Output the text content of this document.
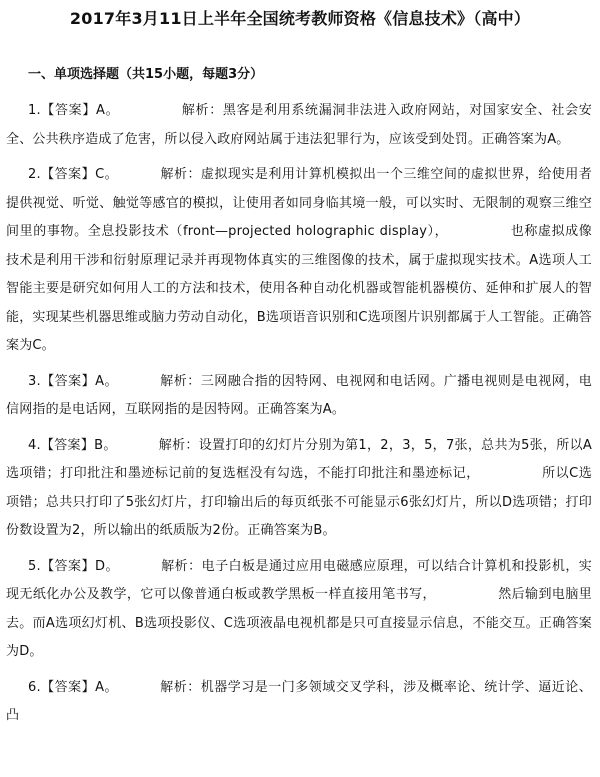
2017年3月11日上半年全国统考教师资格《信息技术》（高中）
一、单项选择题（共15小题，每题3分）

1.【答案】A。	解析：黑客是利用系统漏洞非法进入政府网站，对国家安全、社会安全、公共秩序造成了危害，所以侵入政府网站属于违法犯罪行为，应该受到处罚。正确答案为A。

2.【答案】C。	解析：虚拟现实是利用计算机模拟出一个三维空间的虚拟世界，给使用者提供视觉、听觉、触觉等感官的模拟，让使用者如同身临其境一般，可以实时、无限制的观察三维空间里的事物。全息投影技术（front—projected holographic display），	也称虚拟成像技术是利用干涉和衍射原理记录并再现物体真实的三维图像的技术，属于虚拟现实技术。A选项人工智能主要是研究如何用人工的方法和技术，使用各种自动化机器或智能机器模仿、延伸和扩展人的智能，实现某些机器思维或脑力劳动自动化，B选项语音识别和C选项图片识别都属于人工智能。正确答案为C。

3.【答案】A。	解析：三网融合指的因特网、电视网和电话网。广播电视则是电视网，电信网指的是电话网，互联网指的是因特网。正确答案为A。

4.【答案】B。	解析：设置打印的幻灯片分别为第1，2，3，5，7张，总共为5张，所以A选项错；打印批注和墨迹标记前的复选框没有勾选，不能打印批注和墨迹标记，	所以C选项错；总共只打印了5张幻灯片，打印输出后的每页纸张不可能显示6张幻灯片，所以D选项错；打印份数设置为2，所以输出的纸质版为2份。正确答案为B。

5.【答案】D。	解析：电子白板是通过应用电磁感应原理，可以结合计算机和投影机，实现无纸化办公及教学，它可以像普通白板或教学黑板一样直接用笔书写，	然后输到电脑里去。而A选项幻灯机、B选项投影仪、C选项液晶电视机都是只可直接显示信息，不能交互。正确答案为D。

6.【答案】A。	解析：机器学习是一门多领域交叉学科，涉及概率论、统计学、逼近论、凸
